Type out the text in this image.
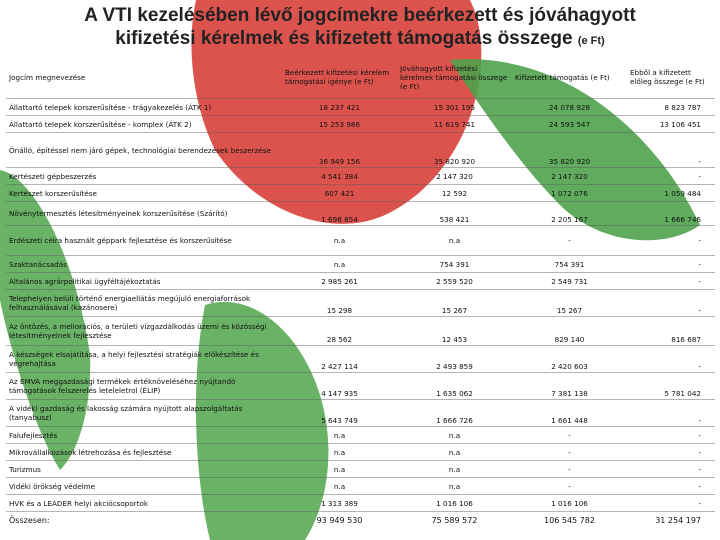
A VTI kezelésében lévő jogcímekre beérkezett és jóváhagyott
kifizetési kérelmek és kifizetett támogatás összege (e Ft)
Jogcím megnevezése	Beérkezett kifizetési kérelem támogatási igénye (e Ft)	Jóváhagyott kifizetési kérelmek támogatási összege (e Ft)	Kifizetett támogatás (e Ft)	Ebből a kifizetett előleg összege (e Ft)
Állattartó telepek korszerűsítése - trágyakezelés (ÁTK 1)	18 237 421	15 301 195	24 078 928	8 823 787
Állattartó telepek korszerűsítése - komplex (ÁTK 2)	15 253 986	11 619 741	24 593 547	13 106 451
Önálló, építéssel nem járó gépek, technológiai berendezések beszerzése	36 949 156	35 820 920	35 820 920	-
Kertészeti gépbeszerzés	4 541 384	2 147 320	2 147 320	-
Kertészet korszerűsítése	607 421	12 592	1 072 076	1 059 484
Növénytermesztés létesítményeinek korszerűsítése (Szárító)	1 698 854	538 421	2 205 167	1 666 746
Erdészeti célra használt géppark fejlesztése és korszerűsítése	n.a	n.a	-	-
Szaktanácsadás	n.a	754 391	754 391	-
Általános agrárpolitikai ügyféltájékoztatás	2 985 261	2 559 520	2 549 731	-
Telephelyen belüli történő energiaellátás megújuló energiaforrások felhasználásával (kazánosere)	15 298	15 267	15 267	-
Az öntözés, a meliorációs, a területi vízgazdálkodás üzemi és közösségi létesítményeinek fejlesztése	28 562	12 453	829 140	816 687
A készségek elsajátítása, a helyi fejlesztési stratégiák előkészítése és végrehajtása	2 427 114	2 493 859	2 420 603	-
Az EMVA meggazdasági termékek értéknöveléséhez nyújtandó támogatások felszerelés leteleletrol (ÉLIP)	4 147 935	1 635 062	7 381 138	5 781 042
A vidéki gazdaság és lakosság számára nyújtott alapszolgáltatás (tanyabusz)	5 643 749	1 666 726	1 661 448	-
Falufejlesztés	n.a	n.a	-	-
Mikrovállalkozások létrehozása és fejlesztése	n.a	n.a	-	-
Turizmus	n.a	n.a	-	-
Vidéki örökség védelme	n.a	n.a	-	-
HVK és a LEADER helyi akciócsoportok	1 313 389	1 016 106	1 016 106	-
Összesen:	93 949 530	75 589 572	106 545 782	31 254 197
